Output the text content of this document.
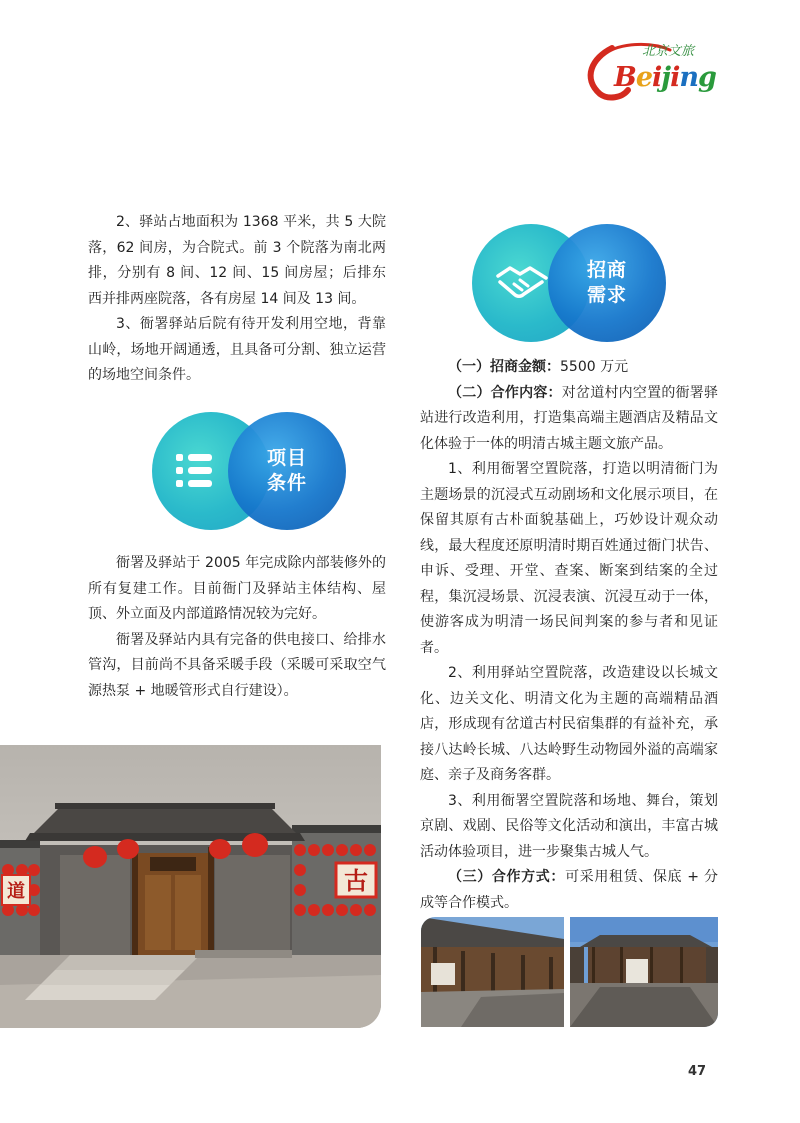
北京文旅
Beijing

2、驿站占地面积为 1368 平米，共 5 大院落，62 间房，为合院式。前 3 个院落为南北两排，分别有 8 间、12 间、15 间房屋；后排东西并排两座院落，各有房屋 14 间及 13 间。

3、衙署驿站后院有待开发利用空地，背靠山岭，场地开阔通透，且具备可分割、独立运营的场地空间条件。

项目
条件

衙署及驿站于 2005 年完成除内部装修外的所有复建工作。目前衙门及驿站主体结构、屋顶、外立面及内部道路情况较为完好。

衙署及驿站内具有完备的供电接口、给排水管沟，目前尚不具备采暖手段（采暖可采取空气源热泵 + 地暖管形式自行建设）。

古
道
招商
需求

（一）招商金额：5500 万元

（二）合作内容：对岔道村内空置的衙署驿站进行改造利用，打造集高端主题酒店及精品文化体验于一体的明清古城主题文旅产品。

1、利用衙署空置院落，打造以明清衙门为主题场景的沉浸式互动剧场和文化展示项目，在保留其原有古朴面貌基础上，巧妙设计观众动线，最大程度还原明清时期百姓通过衙门状告、申诉、受理、开堂、查案、断案到结案的全过程，集沉浸场景、沉浸表演、沉浸互动于一体，使游客成为明清一场民间判案的参与者和见证者。

2、利用驿站空置院落，改造建设以长城文化、边关文化、明清文化为主题的高端精品酒店，形成现有岔道古村民宿集群的有益补充，承接八达岭长城、八达岭野生动物园外溢的高端家庭、亲子及商务客群。

3、利用衙署空置院落和场地、舞台，策划京剧、戏剧、民俗等文化活动和演出，丰富古城活动体验项目，进一步聚集古城人气。

（三）合作方式：可采用租赁、保底 + 分成等合作模式。

47
